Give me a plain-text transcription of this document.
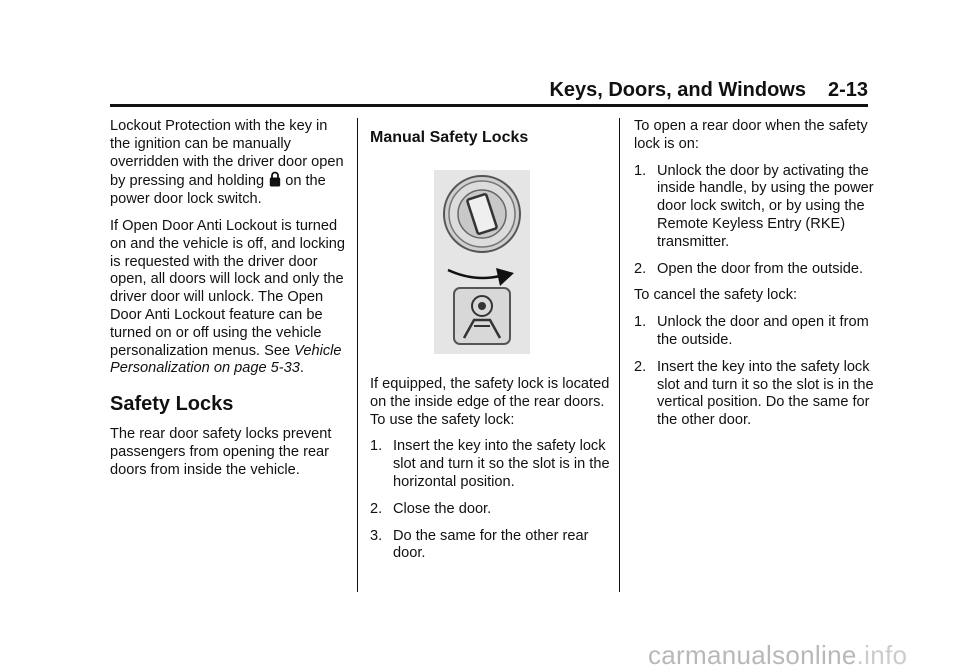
Keys, Doors, and Windows 2-13

Lockout Protection with the key in the ignition can be manually overridden with the driver door open by pressing and holding on the power door lock switch.

If Open Door Anti Lockout is turned on and the vehicle is off, and locking is requested with the driver door open, all doors will lock and only the driver door will unlock. The Open Door Anti Lockout feature can be turned on or off using the vehicle personalization menus. See Vehicle Personalization on page 5-33.

Safety Locks

The rear door safety locks prevent passengers from opening the rear doors from inside the vehicle.

Manual Safety Locks

If equipped, the safety lock is located on the inside edge of the rear doors. To use the safety lock:

1. Insert the key into the safety lock slot and turn it so the slot is in the horizontal position.
2. Close the door.
3. Do the same for the other rear door.

To open a rear door when the safety lock is on:

1. Unlock the door by activating the inside handle, by using the power door lock switch, or by using the Remote Keyless Entry (RKE) transmitter.
2. Open the door from the outside.

To cancel the safety lock:

1. Unlock the door and open it from the outside.
2. Insert the key into the safety lock slot and turn it so the slot is in the vertical position. Do the same for the other door.
carmanualsonline.info
